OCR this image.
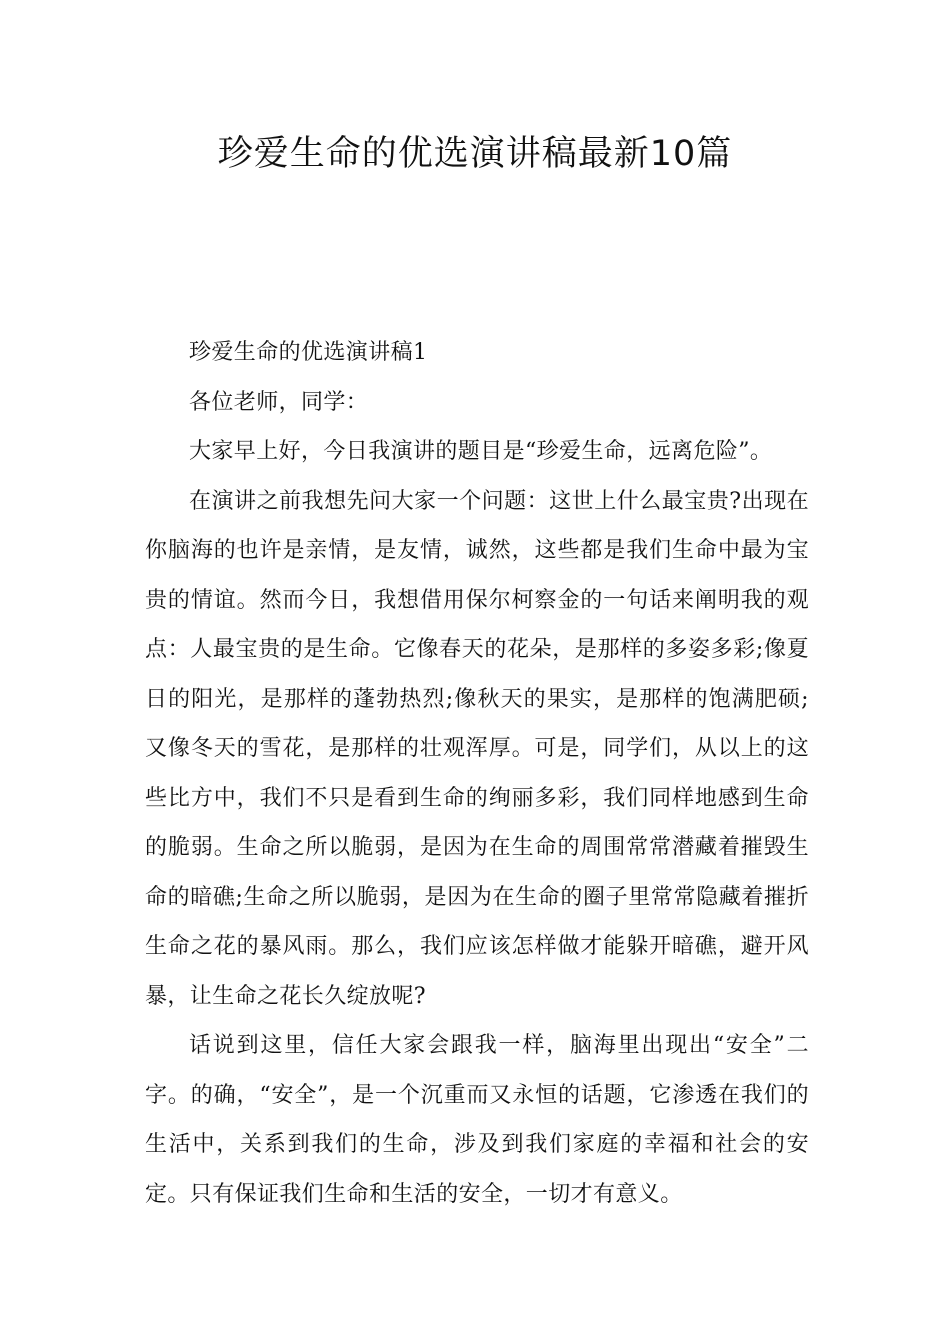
珍爱生命的优选演讲稿最新10篇

珍爱生命的优选演讲稿1

各位老师，同学：

大家早上好，今日我演讲的题目是“珍爱生命，远离危险”。

在演讲之前我想先问大家一个问题：这世上什么最宝贵?出现在你脑海的也许是亲情，是友情，诚然，这些都是我们生命中最为宝贵的情谊。然而今日，我想借用保尔柯察金的一句话来阐明我的观点：人最宝贵的是生命。它像春天的花朵，是那样的多姿多彩;像夏日的阳光，是那样的蓬勃热烈;像秋天的果实，是那样的饱满肥硕;又像冬天的雪花，是那样的壮观浑厚。可是，同学们，从以上的这些比方中，我们不只是看到生命的绚丽多彩，我们同样地感到生命的脆弱。生命之所以脆弱，是因为在生命的周围常常潜藏着摧毁生命的暗礁;生命之所以脆弱，是因为在生命的圈子里常常隐藏着摧折生命之花的暴风雨。那么，我们应该怎样做才能躲开暗礁，避开风暴，让生命之花长久绽放呢?

话说到这里，信任大家会跟我一样，脑海里出现出“安全”二字。的确，“安全”，是一个沉重而又永恒的话题，它渗透在我们的生活中，关系到我们的生命，涉及到我们家庭的幸福和社会的安定。只有保证我们生命和生活的安全，一切才有意义。
